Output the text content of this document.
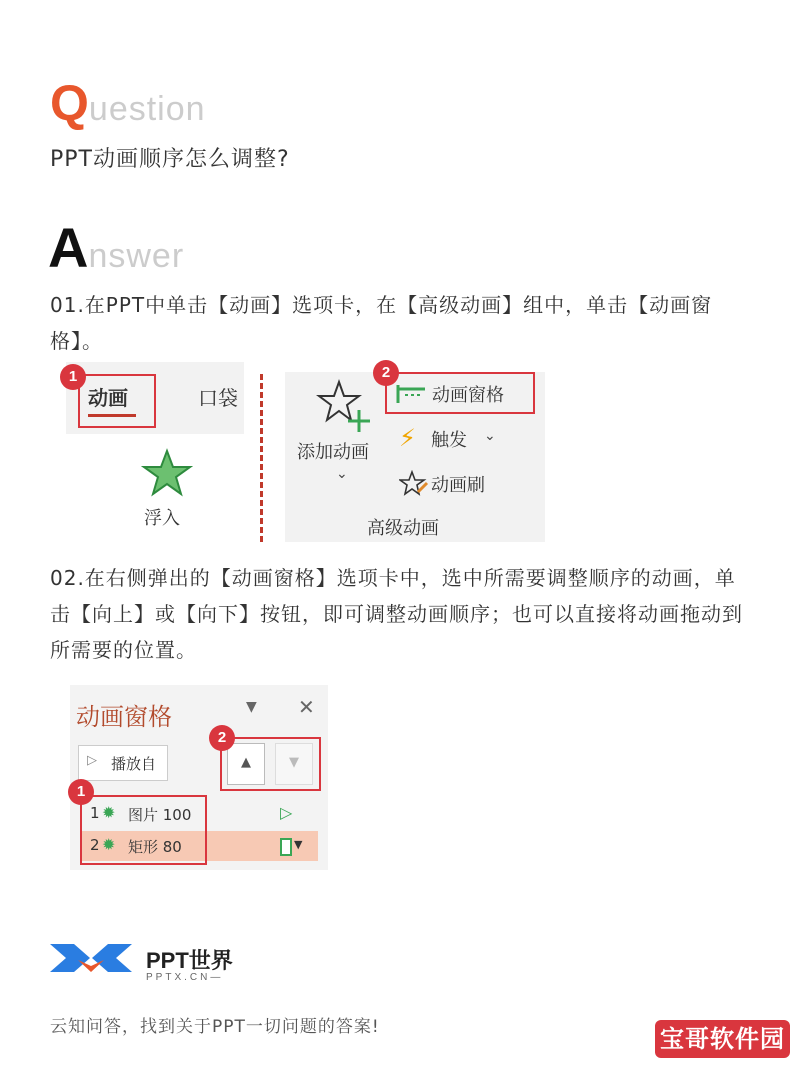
Q uestion
PPT动画顺序怎么调整?
A nswer
01.在PPT中单击【动画】选项卡，在【高级动画】组中，单击【动画窗格】。
动画	口袋
1
浮入
添加动画
⌄
动画窗格
2
⚡ 触发 ⌄
动画刷
高级动画
02.在右侧弹出的【动画窗格】选项卡中，选中所需要调整顺序的动画，单击【向上】或【向下】按钮，即可调整动画顺序；也可以直接将动画拖动到所需要的位置。
动画窗格	▼ ✕
▷ 播放自	▲	▼
2
1 ✹ 图片 100	▷
2 ✹ 矩形 80	▼
1
PPT世界
PPTX.CN—
云知问答，找到关于PPT一切问题的答案!	宝哥软件园
